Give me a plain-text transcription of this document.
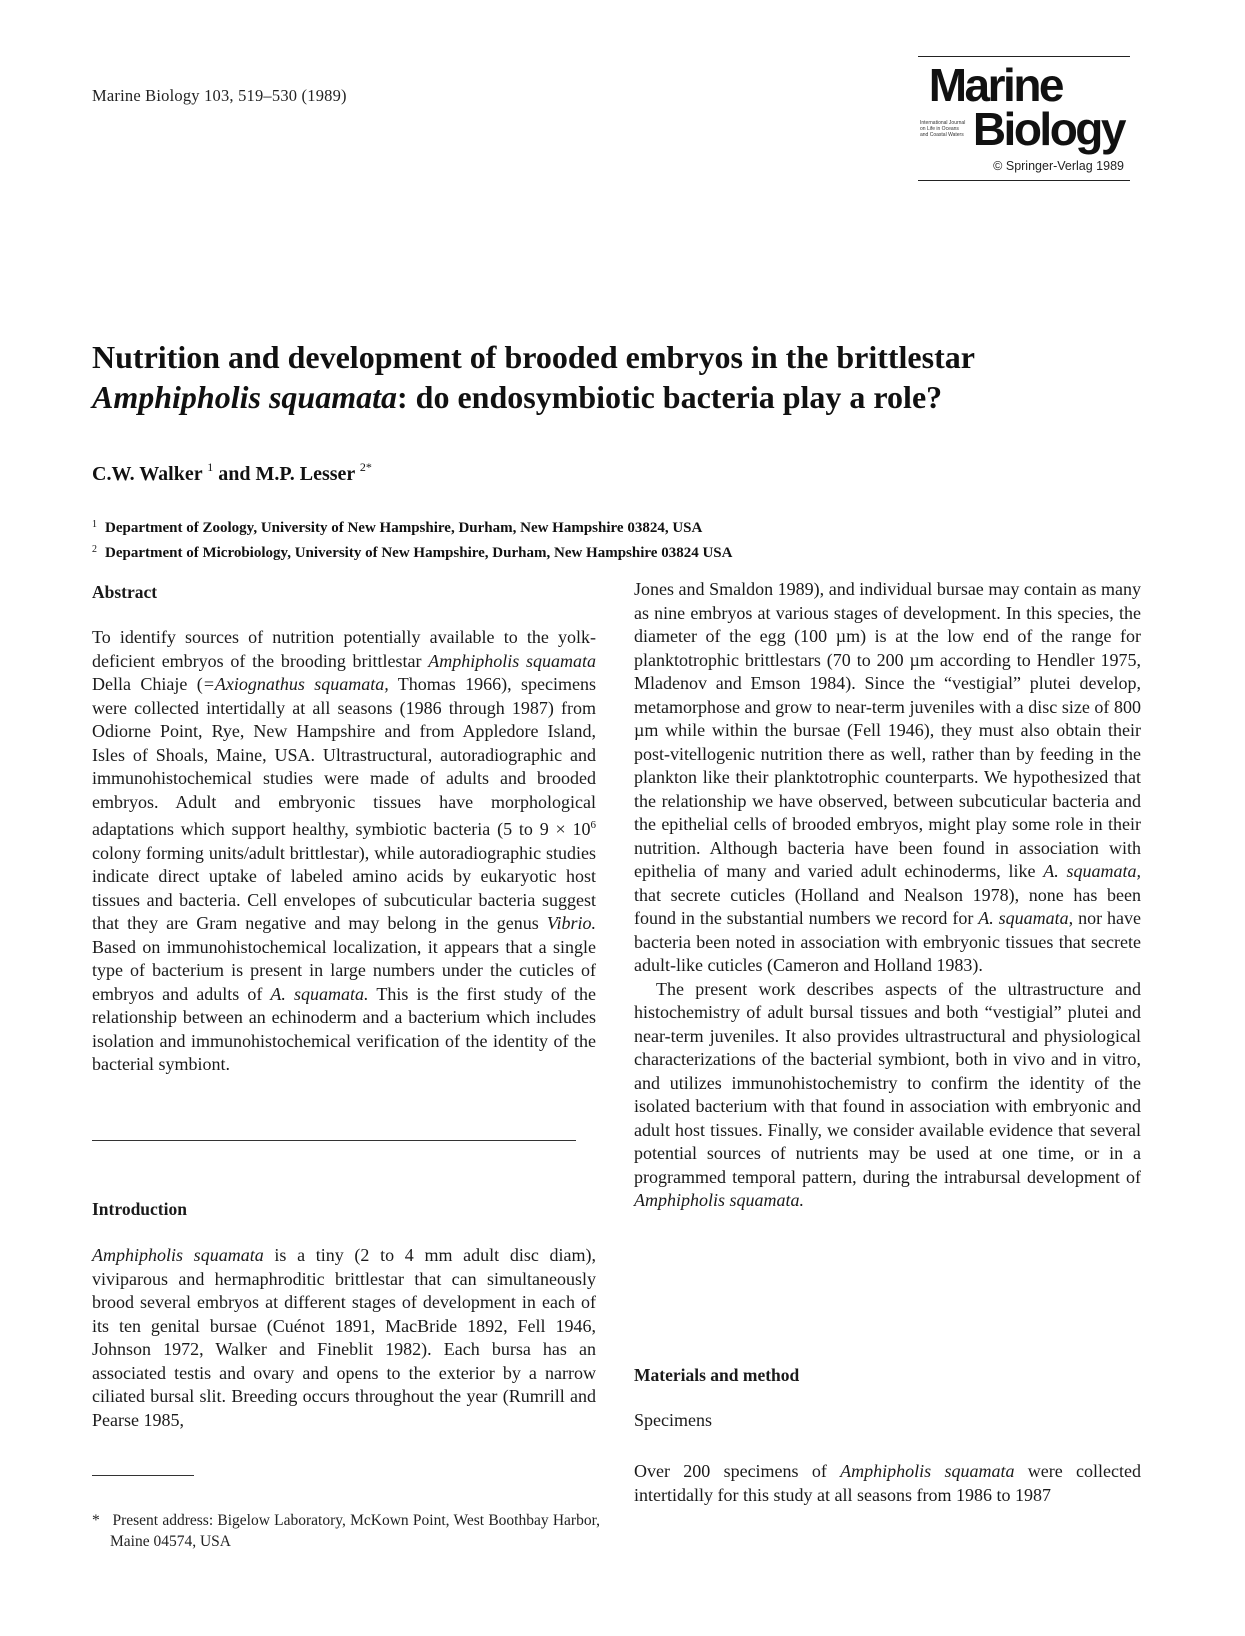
Marine Biology 103, 519–530 (1989)	Marine
International Journal
on Life in Oceans
and Coastal Waters Biology
© Springer-Verlag 1989
Nutrition and development of brooded embryos in the brittlestar
Amphipholis squamata: do endosymbiotic bacteria play a role?
C.W. Walker $^1$ and M.P. Lesser $^{2*}$
$^1$ Department of Zoology, University of New Hampshire, Durham, New Hampshire 03824, USA
$^2$ Department of Microbiology, University of New Hampshire, Durham, New Hampshire 03824 USA
Abstract

To identify sources of nutrition potentially available to the yolk-deficient embryos of the brooding brittlestar Amphipholis squamata Della Chiaje (=Axiognathus squamata, Thomas 1966), specimens were collected intertidally at all seasons (1986 through 1987) from Odiorne Point, Rye, New Hampshire and from Appledore Island, Isles of Shoals, Maine, USA. Ultrastructural, autoradiographic and immunohistochemical studies were made of adults and brooded embryos. Adult and embryonic tissues have morphological adaptations which support healthy, symbiotic bacteria (5 to $9 \times 10^6$ colony forming units/adult brittlestar), while autoradiographic studies indicate direct uptake of labeled amino acids by eukaryotic host tissues and bacteria. Cell envelopes of subcuticular bacteria suggest that they are Gram negative and may belong in the genus Vibrio. Based on immunohistochemical localization, it appears that a single type of bacterium is present in large numbers under the cuticles of embryos and adults of A. squamata. This is the first study of the relationship between an echinoderm and a bacterium which includes isolation and immunohistochemical verification of the identity of the bacterial symbiont.

Introduction

Amphipholis squamata is a tiny (2 to 4 mm adult disc diam), viviparous and hermaphroditic brittlestar that can simultaneously brood several embryos at different stages of development in each of its ten genital bursae (Cuénot 1891, MacBride 1892, Fell 1946, Johnson 1972, Walker and Fineblit 1982). Each bursa has an associated testis and ovary and opens to the exterior by a narrow ciliated bursal slit. Breeding occurs throughout the year (Rumrill and Pearse 1985,

* Present address: Bigelow Laboratory, McKown Point, West Boothbay Harbor, Maine 04574, USA

Jones and Smaldon 1989), and individual bursae may contain as many as nine embryos at various stages of development. In this species, the diameter of the egg (100 µm) is at the low end of the range for planktotrophic brittlestars (70 to 200 µm according to Hendler 1975, Mladenov and Emson 1984). Since the “vestigial” plutei develop, metamorphose and grow to near-term juveniles with a disc size of 800 µm while within the bursae (Fell 1946), they must also obtain their post-vitellogenic nutrition there as well, rather than by feeding in the plankton like their planktotrophic counterparts. We hypothesized that the relationship we have observed, between subcuticular bacteria and the epithelial cells of brooded embryos, might play some role in their nutrition. Although bacteria have been found in association with epithelia of many and varied adult echinoderms, like A. squamata, that secrete cuticles (Holland and Nealson 1978), none has been found in the substantial numbers we record for A. squamata, nor have bacteria been noted in association with embryonic tissues that secrete adult-like cuticles (Cameron and Holland 1983).

The present work describes aspects of the ultrastructure and histochemistry of adult bursal tissues and both “vestigial” plutei and near-term juveniles. It also provides ultrastructural and physiological characterizations of the bacterial symbiont, both in vivo and in vitro, and utilizes immunohistochemistry to confirm the identity of the isolated bacterium with that found in association with embryonic and adult host tissues. Finally, we consider available evidence that several potential sources of nutrients may be used at one time, or in a programmed temporal pattern, during the intrabursal development of Amphipholis squamata.

Materials and method
Specimens

Over 200 specimens of Amphipholis squamata were collected intertidally for this study at all seasons from 1986 to 1987
